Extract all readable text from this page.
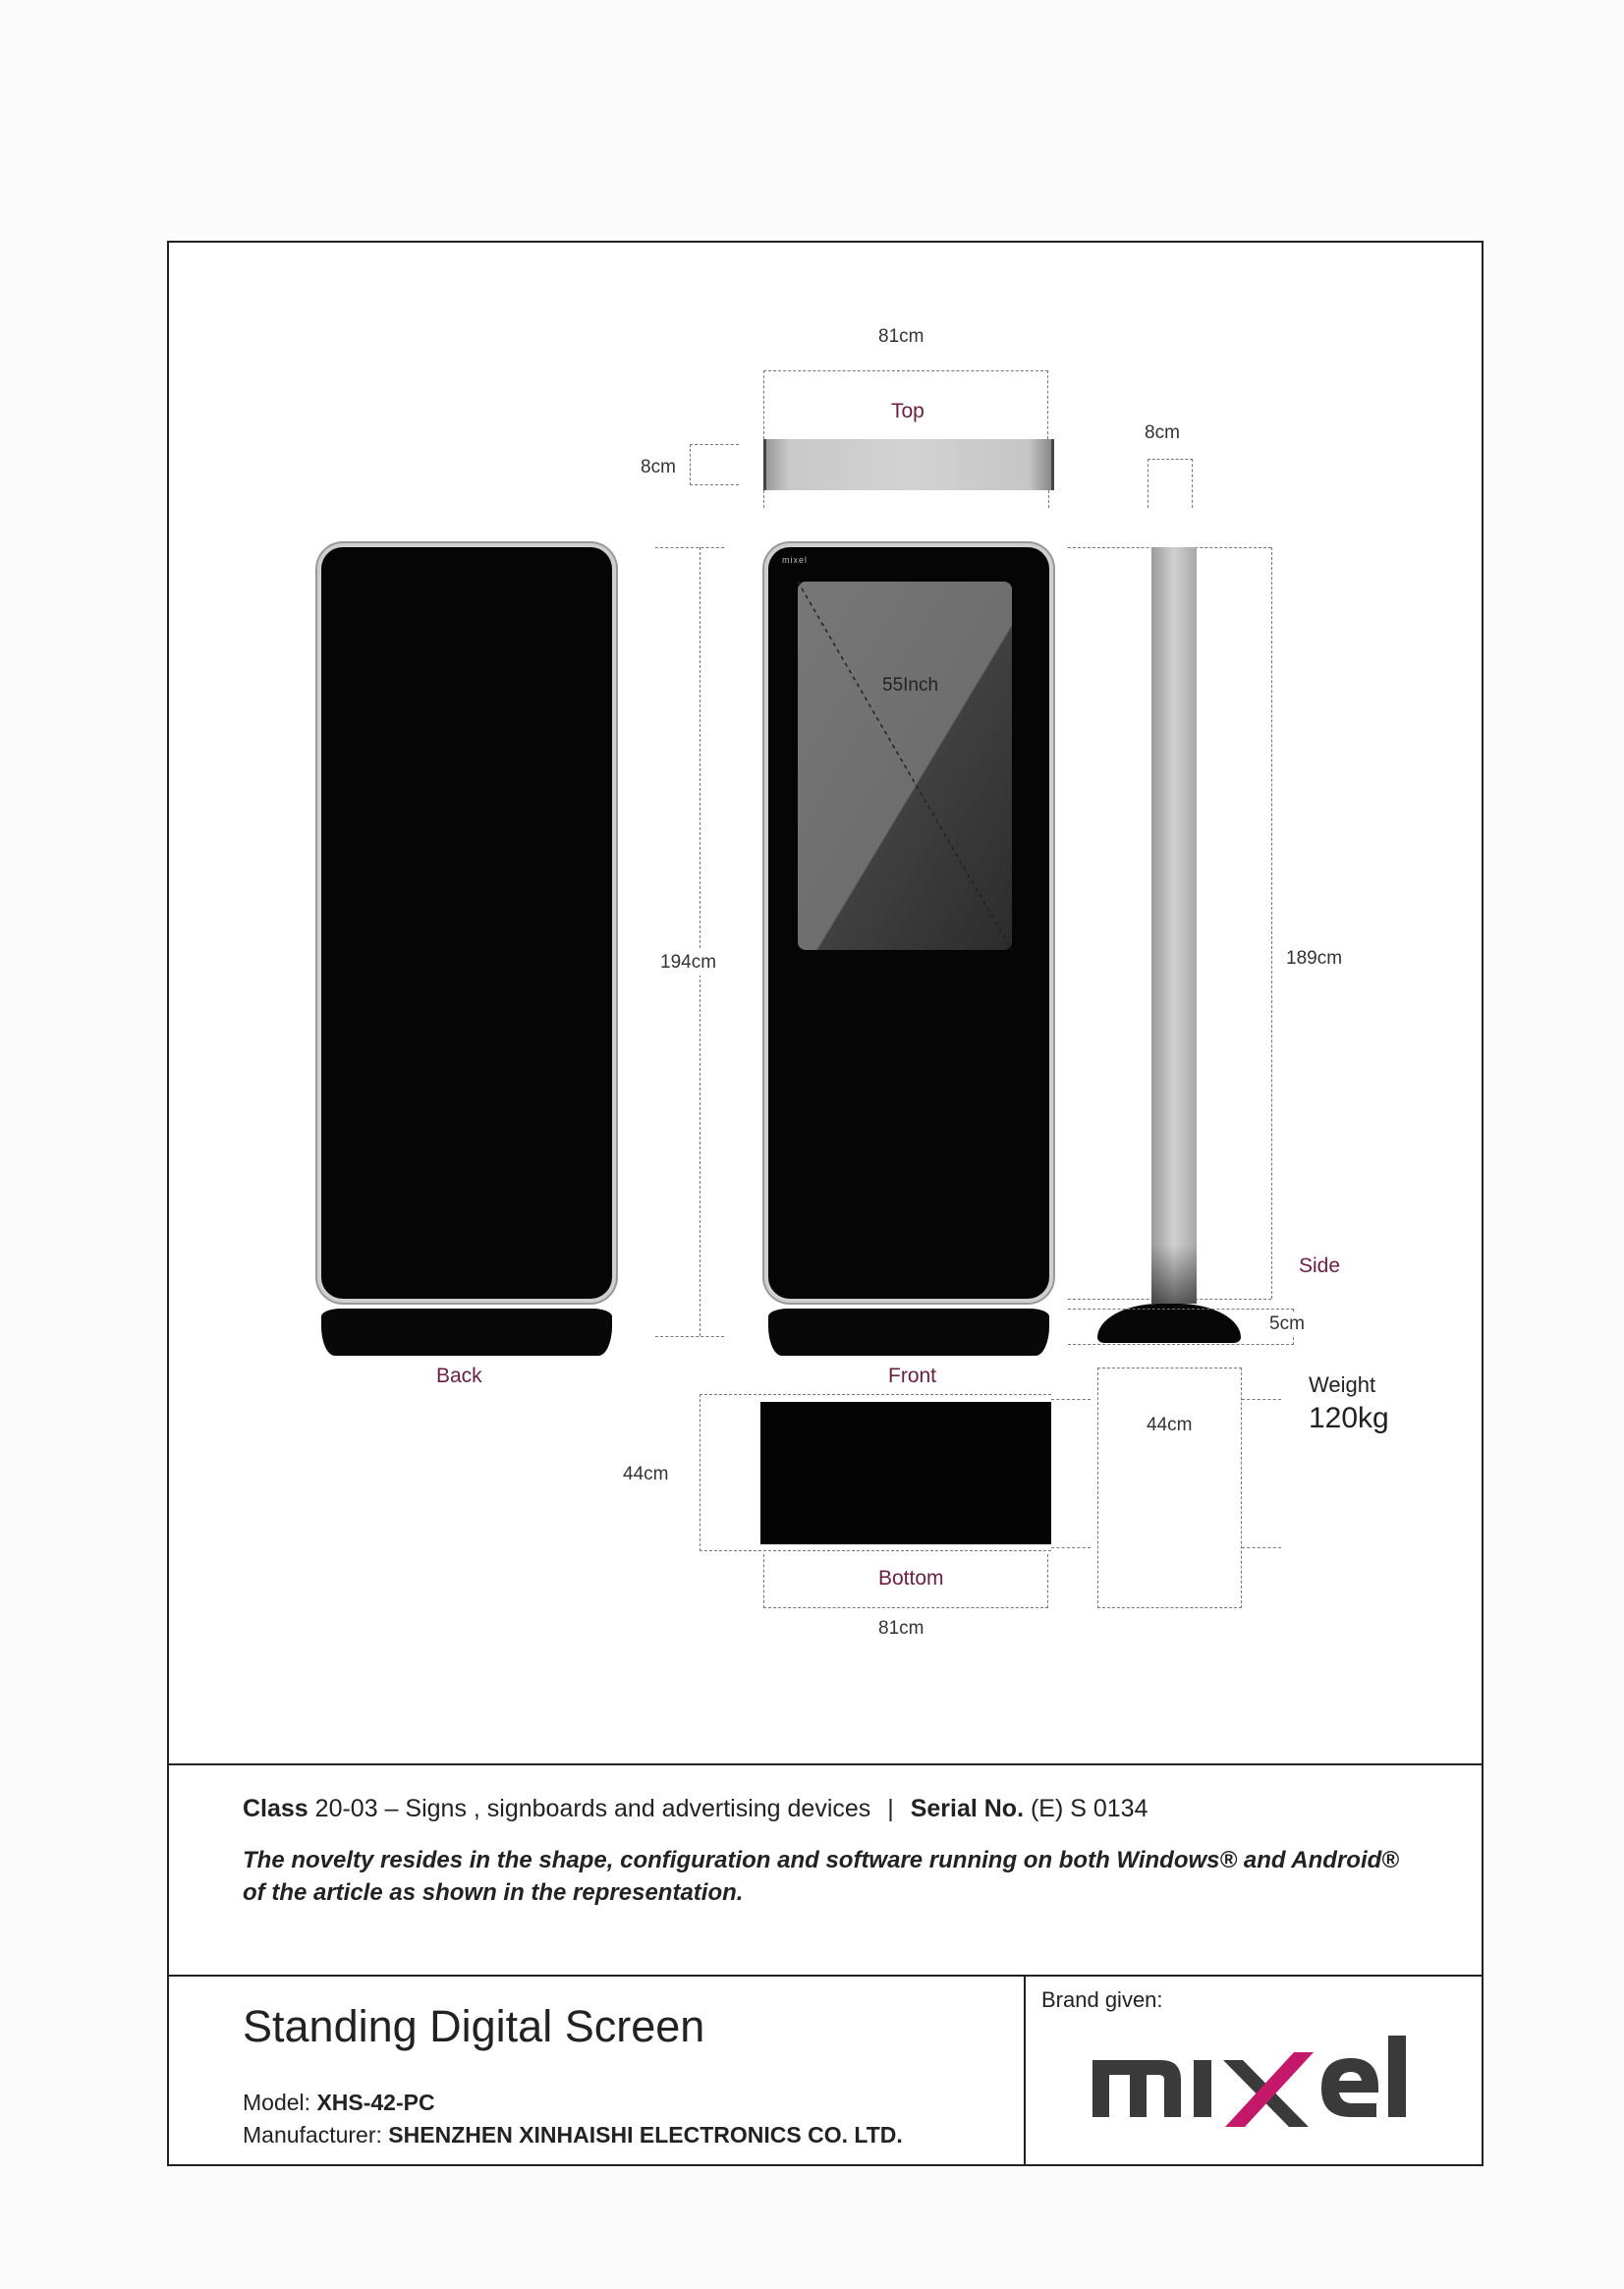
81cm
Top
8cm
8cm
Back
194cm
mixel
55Inch
Front
189cm
Side
5cm
Weight
120kg
44cm
Bottom
81cm
44cm
Class 20-03 – Signs , signboards and advertising devices | Serial No. (E) S 0134
The novelty resides in the shape, configuration and software running on both Windows® and Android® of the article as shown in the representation.
Standing Digital Screen
Model: XHS-42-PC
Manufacturer: SHENZHEN XINHAISHI ELECTRONICS CO. LTD.
Brand given:
